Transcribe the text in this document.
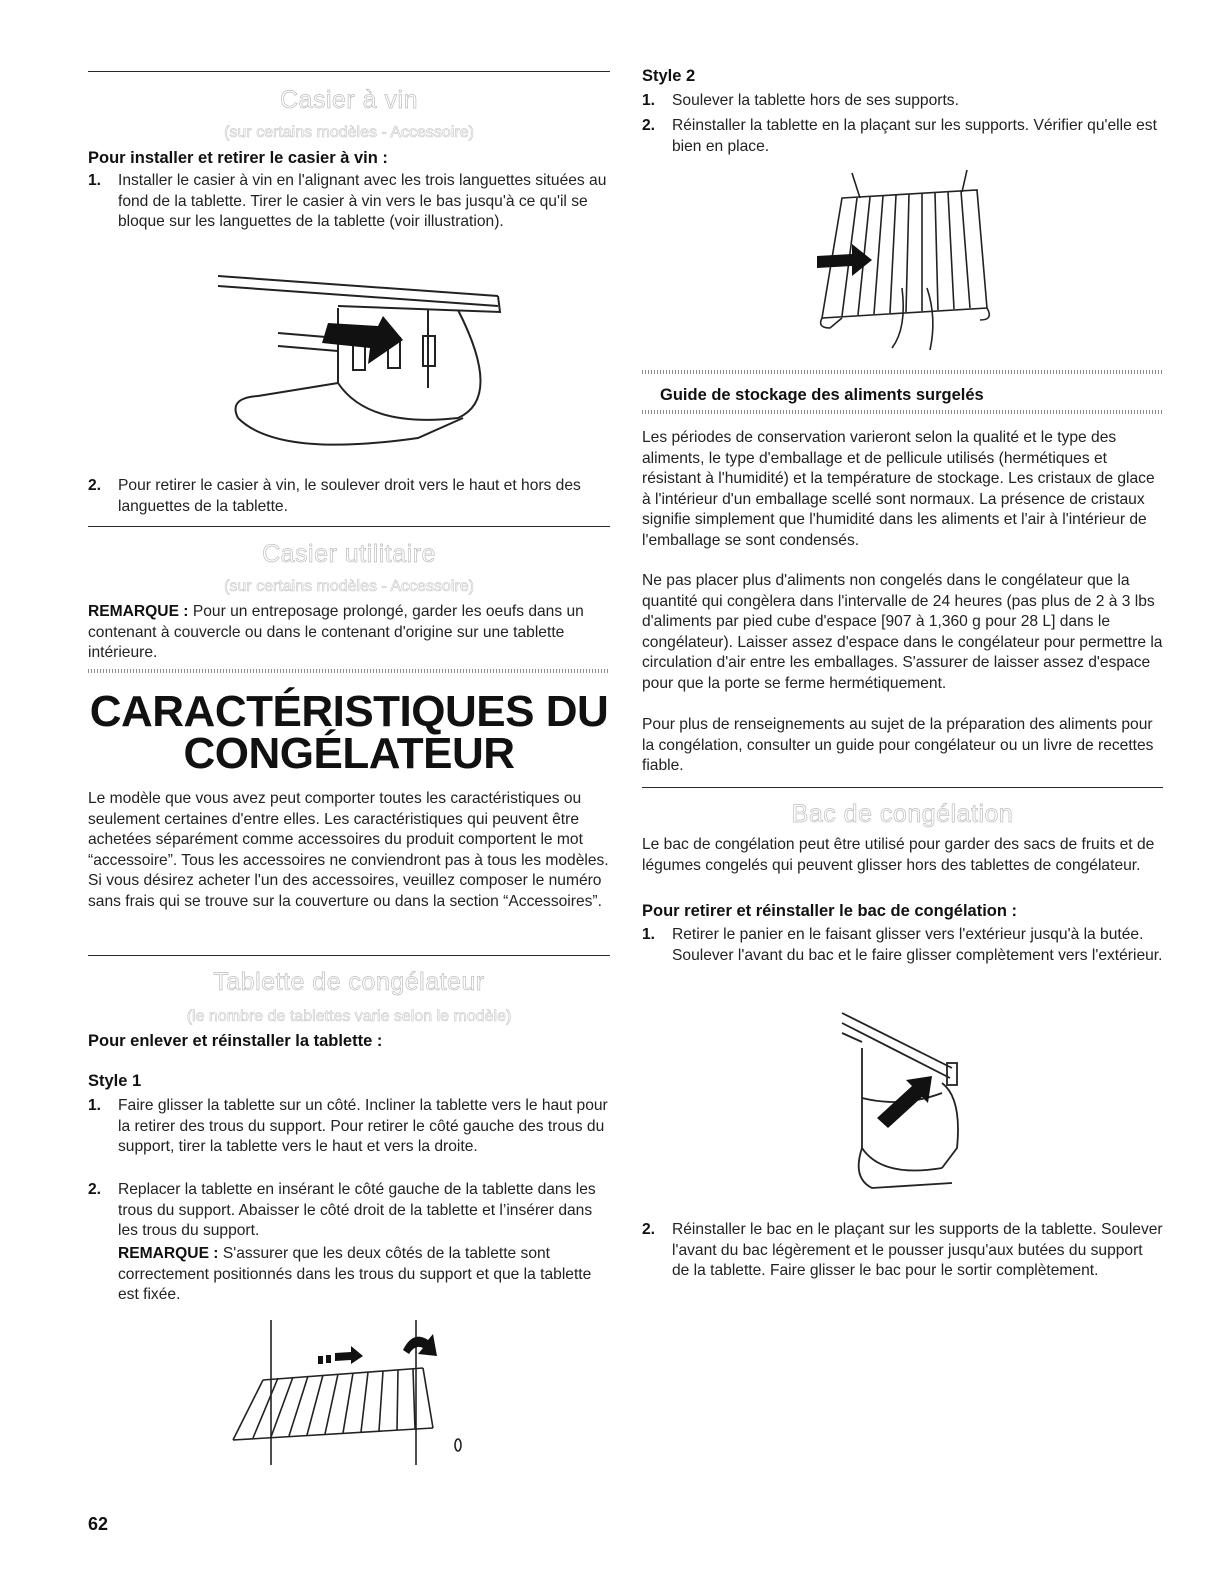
Casier à vin
(sur certains modèles - Accessoire)
Pour installer et retirer le casier à vin :
1.	Installer le casier à vin en l'alignant avec les trois languettes situées au fond de la tablette. Tirer le casier à vin vers le bas jusqu'à ce qu'il se bloque sur les languettes de la tablette (voir illustration).
2.	Pour retirer le casier à vin, le soulever droit vers le haut et hors des languettes de la tablette.
Casier utilitaire
(sur certains modèles - Accessoire)

REMARQUE : Pour un entreposage prolongé, garder les oeufs dans un contenant à couvercle ou dans le contenant d'origine sur une tablette intérieure.

CARACTÉRISTIQUES DU
CONGÉLATEUR

Le modèle que vous avez peut comporter toutes les caractéristiques ou seulement certaines d'entre elles. Les caractéristiques qui peuvent être achetées séparément comme accessoires du produit comportent le mot “accessoire”. Tous les accessoires ne conviendront pas à tous les modèles. Si vous désirez acheter l'un des accessoires, veuillez composer le numéro sans frais qui se trouve sur la couverture ou dans la section “Accessoires”.

Tablette de congélateur
(le nombre de tablettes varie selon le modèle)
Pour enlever et réinstaller la tablette :
Style 1
1.	Faire glisser la tablette sur un côté. Incliner la tablette vers le haut pour la retirer des trous du support. Pour retirer le côté gauche des trous du support, tirer la tablette vers le haut et vers la droite.
2.	Replacer la tablette en insérant le côté gauche de la tablette dans les trous du support. Abaisser le côté droit de la tablette et l’insérer dans les trous du support.

REMARQUE : S'assurer que les deux côtés de la tablette sont correctement positionnés dans les trous du support et que la tablette est fixée.

Style 2
1.	Soulever la tablette hors de ses supports.
2.	Réinstaller la tablette en la plaçant sur les supports. Vérifier qu'elle est bien en place.
Guide de stockage des aliments surgelés

Les périodes de conservation varieront selon la qualité et le type des aliments, le type d'emballage et de pellicule utilisés (hermétiques et résistant à l'humidité) et la température de stockage. Les cristaux de glace à l'intérieur d'un emballage scellé sont normaux. La présence de cristaux signifie simplement que l'humidité dans les aliments et l'air à l'intérieur de l'emballage se sont condensés.

Ne pas placer plus d'aliments non congelés dans le congélateur que la quantité qui congèlera dans l'intervalle de 24 heures (pas plus de 2 à 3 lbs d'aliments par pied cube d'espace [907 à 1,360 g pour 28 L] dans le congélateur). Laisser assez d'espace dans le congélateur pour permettre la circulation d'air entre les emballages. S'assurer de laisser assez d'espace pour que la porte se ferme hermétiquement.

Pour plus de renseignements au sujet de la préparation des aliments pour la congélation, consulter un guide pour congélateur ou un livre de recettes fiable.

Bac de congélation

Le bac de congélation peut être utilisé pour garder des sacs de fruits et de légumes congelés qui peuvent glisser hors des tablettes de congélateur.

Pour retirer et réinstaller le bac de congélation :
1.	Retirer le panier en le faisant glisser vers l'extérieur jusqu'à la butée. Soulever l'avant du bac et le faire glisser complètement vers l'extérieur.
2.	Réinstaller le bac en le plaçant sur les supports de la tablette. Soulever l'avant du bac légèrement et le pousser jusqu'aux butées du support de la tablette. Faire glisser le bac pour le sortir complètement.
62
